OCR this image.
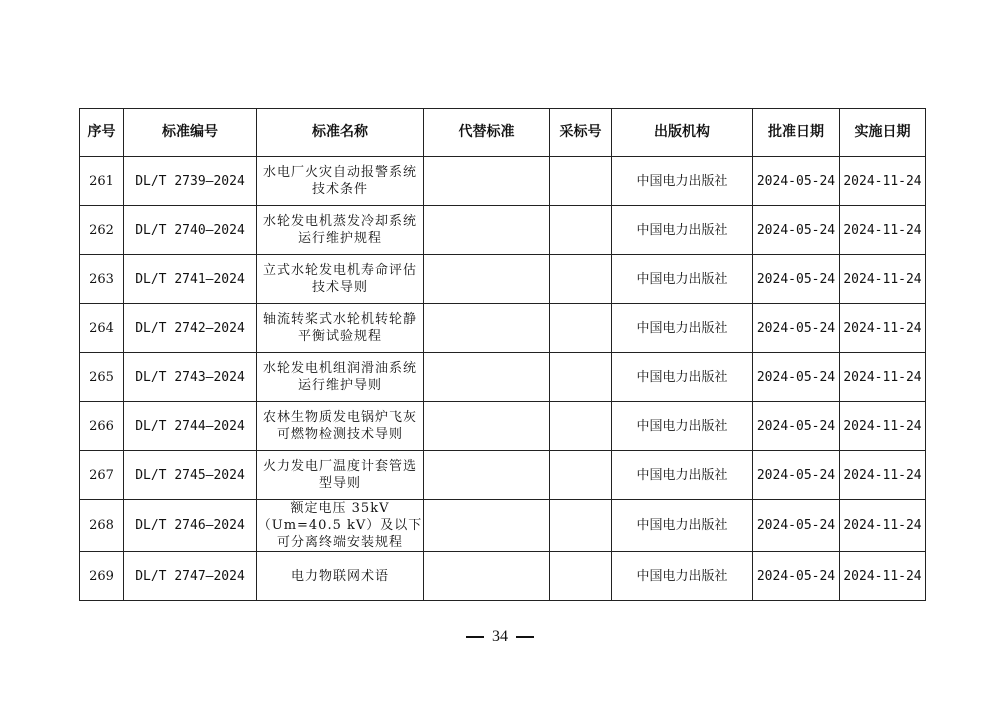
序号	标准编号	标准名称	代替标准	采标号	出版机构	批准日期	实施日期
261	DL/T 2739—2024	水电厂火灾自动报警系统技术条件			中国电力出版社	2024-05-24	2024-11-24
262	DL/T 2740—2024	水轮发电机蒸发冷却系统运行维护规程			中国电力出版社	2024-05-24	2024-11-24
263	DL/T 2741—2024	立式水轮发电机寿命评估技术导则			中国电力出版社	2024-05-24	2024-11-24
264	DL/T 2742—2024	轴流转桨式水轮机转轮静平衡试验规程			中国电力出版社	2024-05-24	2024-11-24
265	DL/T 2743—2024	水轮发电机组润滑油系统运行维护导则			中国电力出版社	2024-05-24	2024-11-24
266	DL/T 2744—2024	农林生物质发电锅炉飞灰可燃物检测技术导则			中国电力出版社	2024-05-24	2024-11-24
267	DL/T 2745—2024	火力发电厂温度计套管选型导则			中国电力出版社	2024-05-24	2024-11-24
268	DL/T 2746—2024	额定电压 35kV（Um=40.5 kV）及以下可分离终端安装规程			中国电力出版社	2024-05-24	2024-11-24
269	DL/T 2747—2024	电力物联网术语			中国电力出版社	2024-05-24	2024-11-24
34
